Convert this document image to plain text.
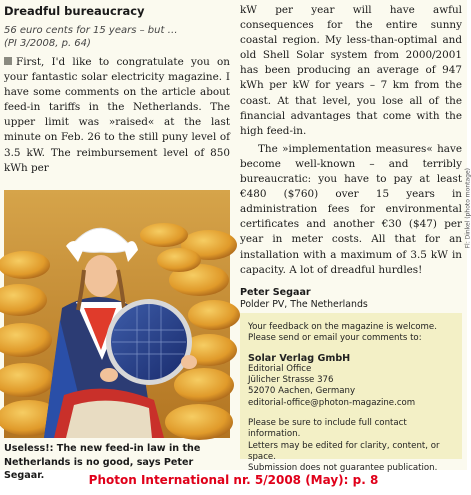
Dreadful bureaucracy
56 euro cents for 15 years – but …
(PI 3/2008, p. 64)

First, I'd like to congratulate you on your fantastic solar electricity magazine. I have some comments on the article about feed-in tariffs in the Netherlands. The upper limit was »raised« at the last minute on Feb. 26 to the still puny level of 3.5 kW. The reimbursement level of 850 kWh per

Fl: Dinkel (photo montage)
Useless!: The new feed-in law in the Netherlands is no good, says Peter Segaar.

kW per year will have awful consequences for the entire sunny coastal region. My less-than-optimal and old Shell Solar system from 2000/2001 has been producing an average of 947 kWh per kW for years – 7 km from the coast. At that level, you lose all of the financial advantages that come with the high feed-in.

The »implementation measures« have become well-known – and terribly bureaucratic: you have to pay at least €480 ($760) over 15 years in administration fees for environmental certificates and another €30 ($47) per year in meter costs. All that for an installation with a maximum of 3.5 kW in capacity. A lot of dreadful hurdles!

Peter Segaar
Polder PV, The Netherlands
Your feedback on the magazine is welcome.
Please send or email your comments to:
Solar Verlag GmbH
Editorial Office
Jülicher Strasse 376
52070 Aachen, Germany
editorial-office@photon-magazine.com
Please be sure to include full contact information.
Letters may be edited for clarity, content, or space.
Submission does not guarantee publication.
Photon International nr. 5/2008 (May): p. 8
